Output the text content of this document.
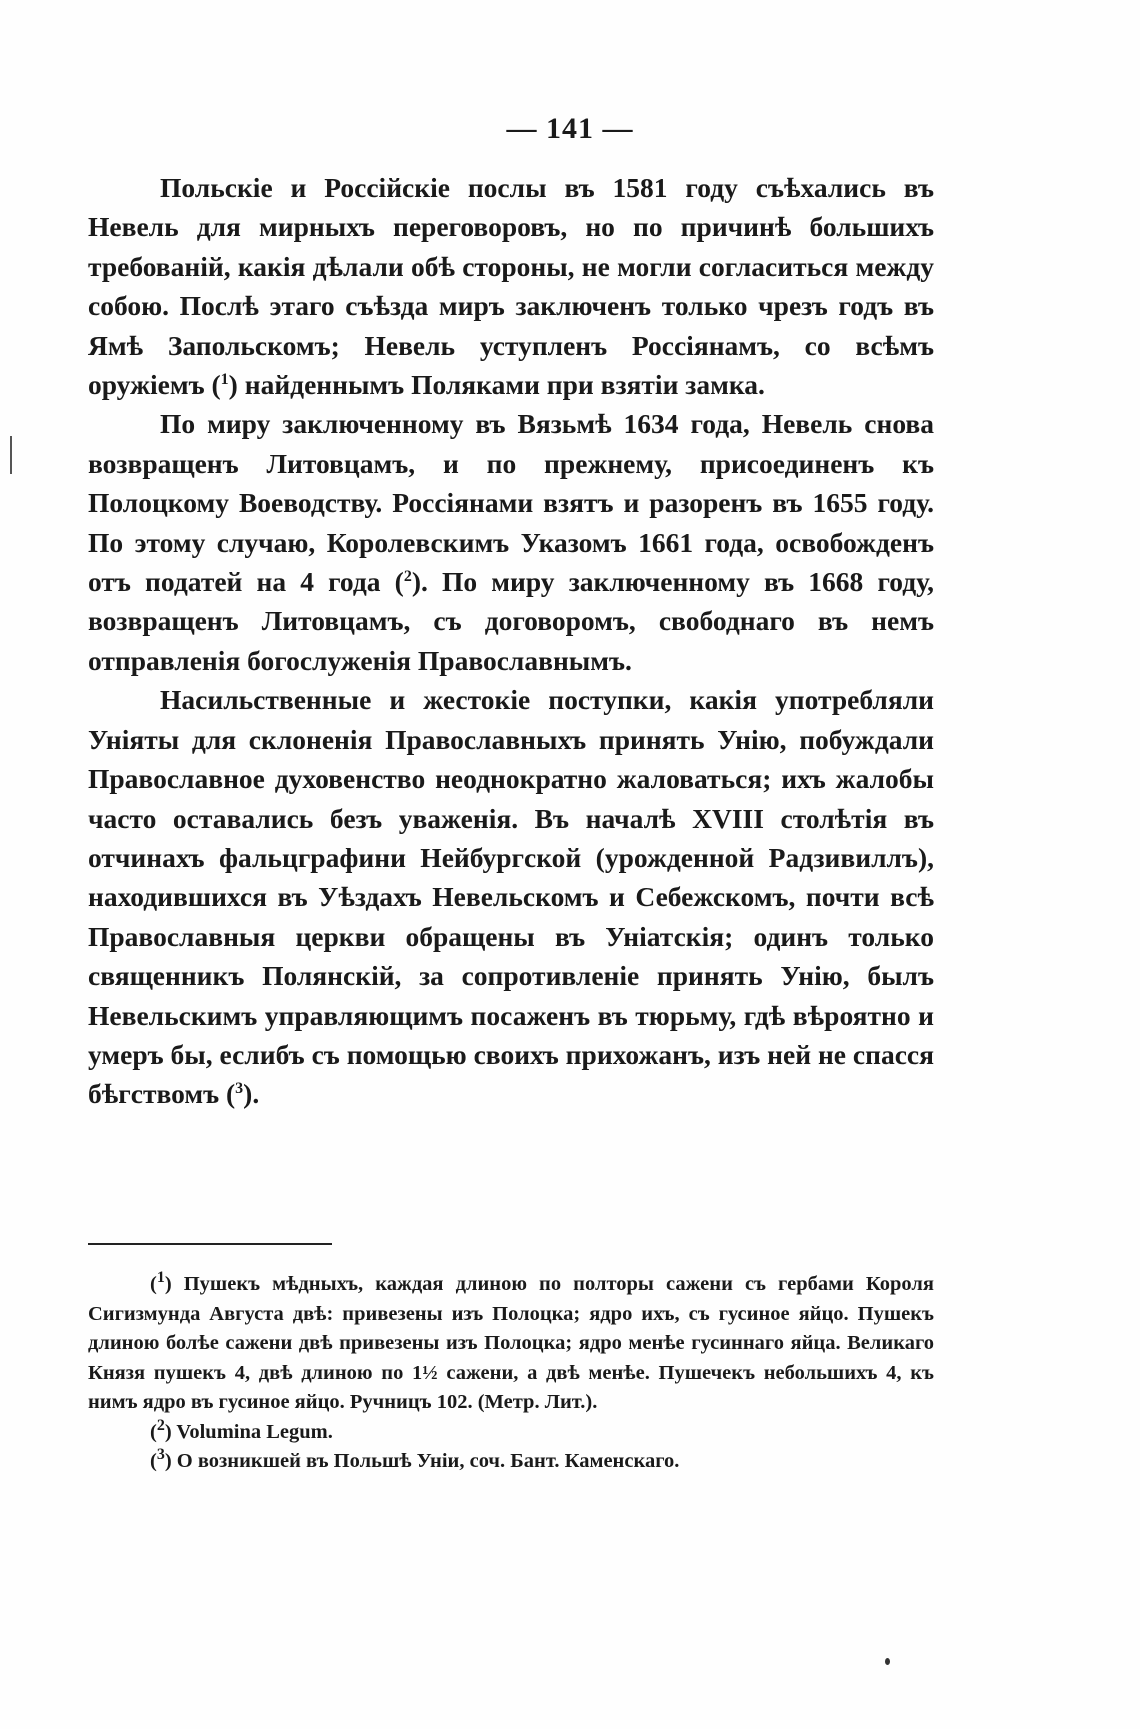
— 141 —

Польскіе и Россійскіе послы въ 1581 году съѣхались въ Невель для мирныхъ переговоровъ, но по причинѣ большихъ требованій, какія дѣлали обѣ стороны, не могли согласиться между собою. Послѣ этаго съѣзда миръ заключенъ только чрезъ годъ въ Ямѣ Запольскомъ; Невель уступленъ Россіянамъ, со всѣмъ оружіемъ ($^1$) найденнымъ Поляками при взятіи замка.

По миру заключенному въ Вязьмѣ 1634 года, Невель снова возвращенъ Литовцамъ, и по прежнему, присоединенъ къ Полоцкому Воеводству. Россіянами взятъ и разоренъ въ 1655 году. По этому случаю, Королевскимъ Указомъ 1661 года, освобожденъ отъ податей на 4 года ($^2$). По миру заключенному въ 1668 году, возвращенъ Литовцамъ, съ договоромъ, свободнаго въ немъ отправленія богослуженія Православнымъ.

Насильственные и жестокіе поступки, какія употребляли Уніяты для склоненія Православныхъ принять Унію, побуждали Православное духовенство неоднократно жаловаться; ихъ жалобы часто оставались безъ уваженія. Въ началѣ XVIII столѣтія въ отчинахъ фальцграфини Нейбургской (урожденной Радзивиллъ), находившихся въ Уѣздахъ Невельскомъ и Себежскомъ, почти всѣ Православныя церкви обращены въ Уніатскія; одинъ только священникъ Полянскій, за сопротивленіе принять Унію, былъ Невельскимъ управляющимъ посаженъ въ тюрьму, гдѣ вѣроятно и умеръ бы, еслибъ съ помощью своихъ прихожанъ, изъ ней не спасся бѣгствомъ ($^3$).

($^1$) Пушекъ мѣдныхъ, каждая длиною по полторы сажени съ гербами Короля Сигизмунда Августа двѣ: привезены изъ Полоцка; ядро ихъ, съ гусиное яйцо. Пушекъ длиною болѣе сажени двѣ привезены изъ Полоцка; ядро менѣе гусиннаго яйца. Великаго Князя пушекъ 4, двѣ длиною по 1½ сажени, а двѣ менѣе. Пушечекъ небольшихъ 4, къ нимъ ядро въ гусиное яйцо. Ручницъ 102. (Метр. Лит.).

($^2$) Volumina Legum.

($^3$) О возникшей въ Польшѣ Уніи, соч. Бант. Каменскаго.
